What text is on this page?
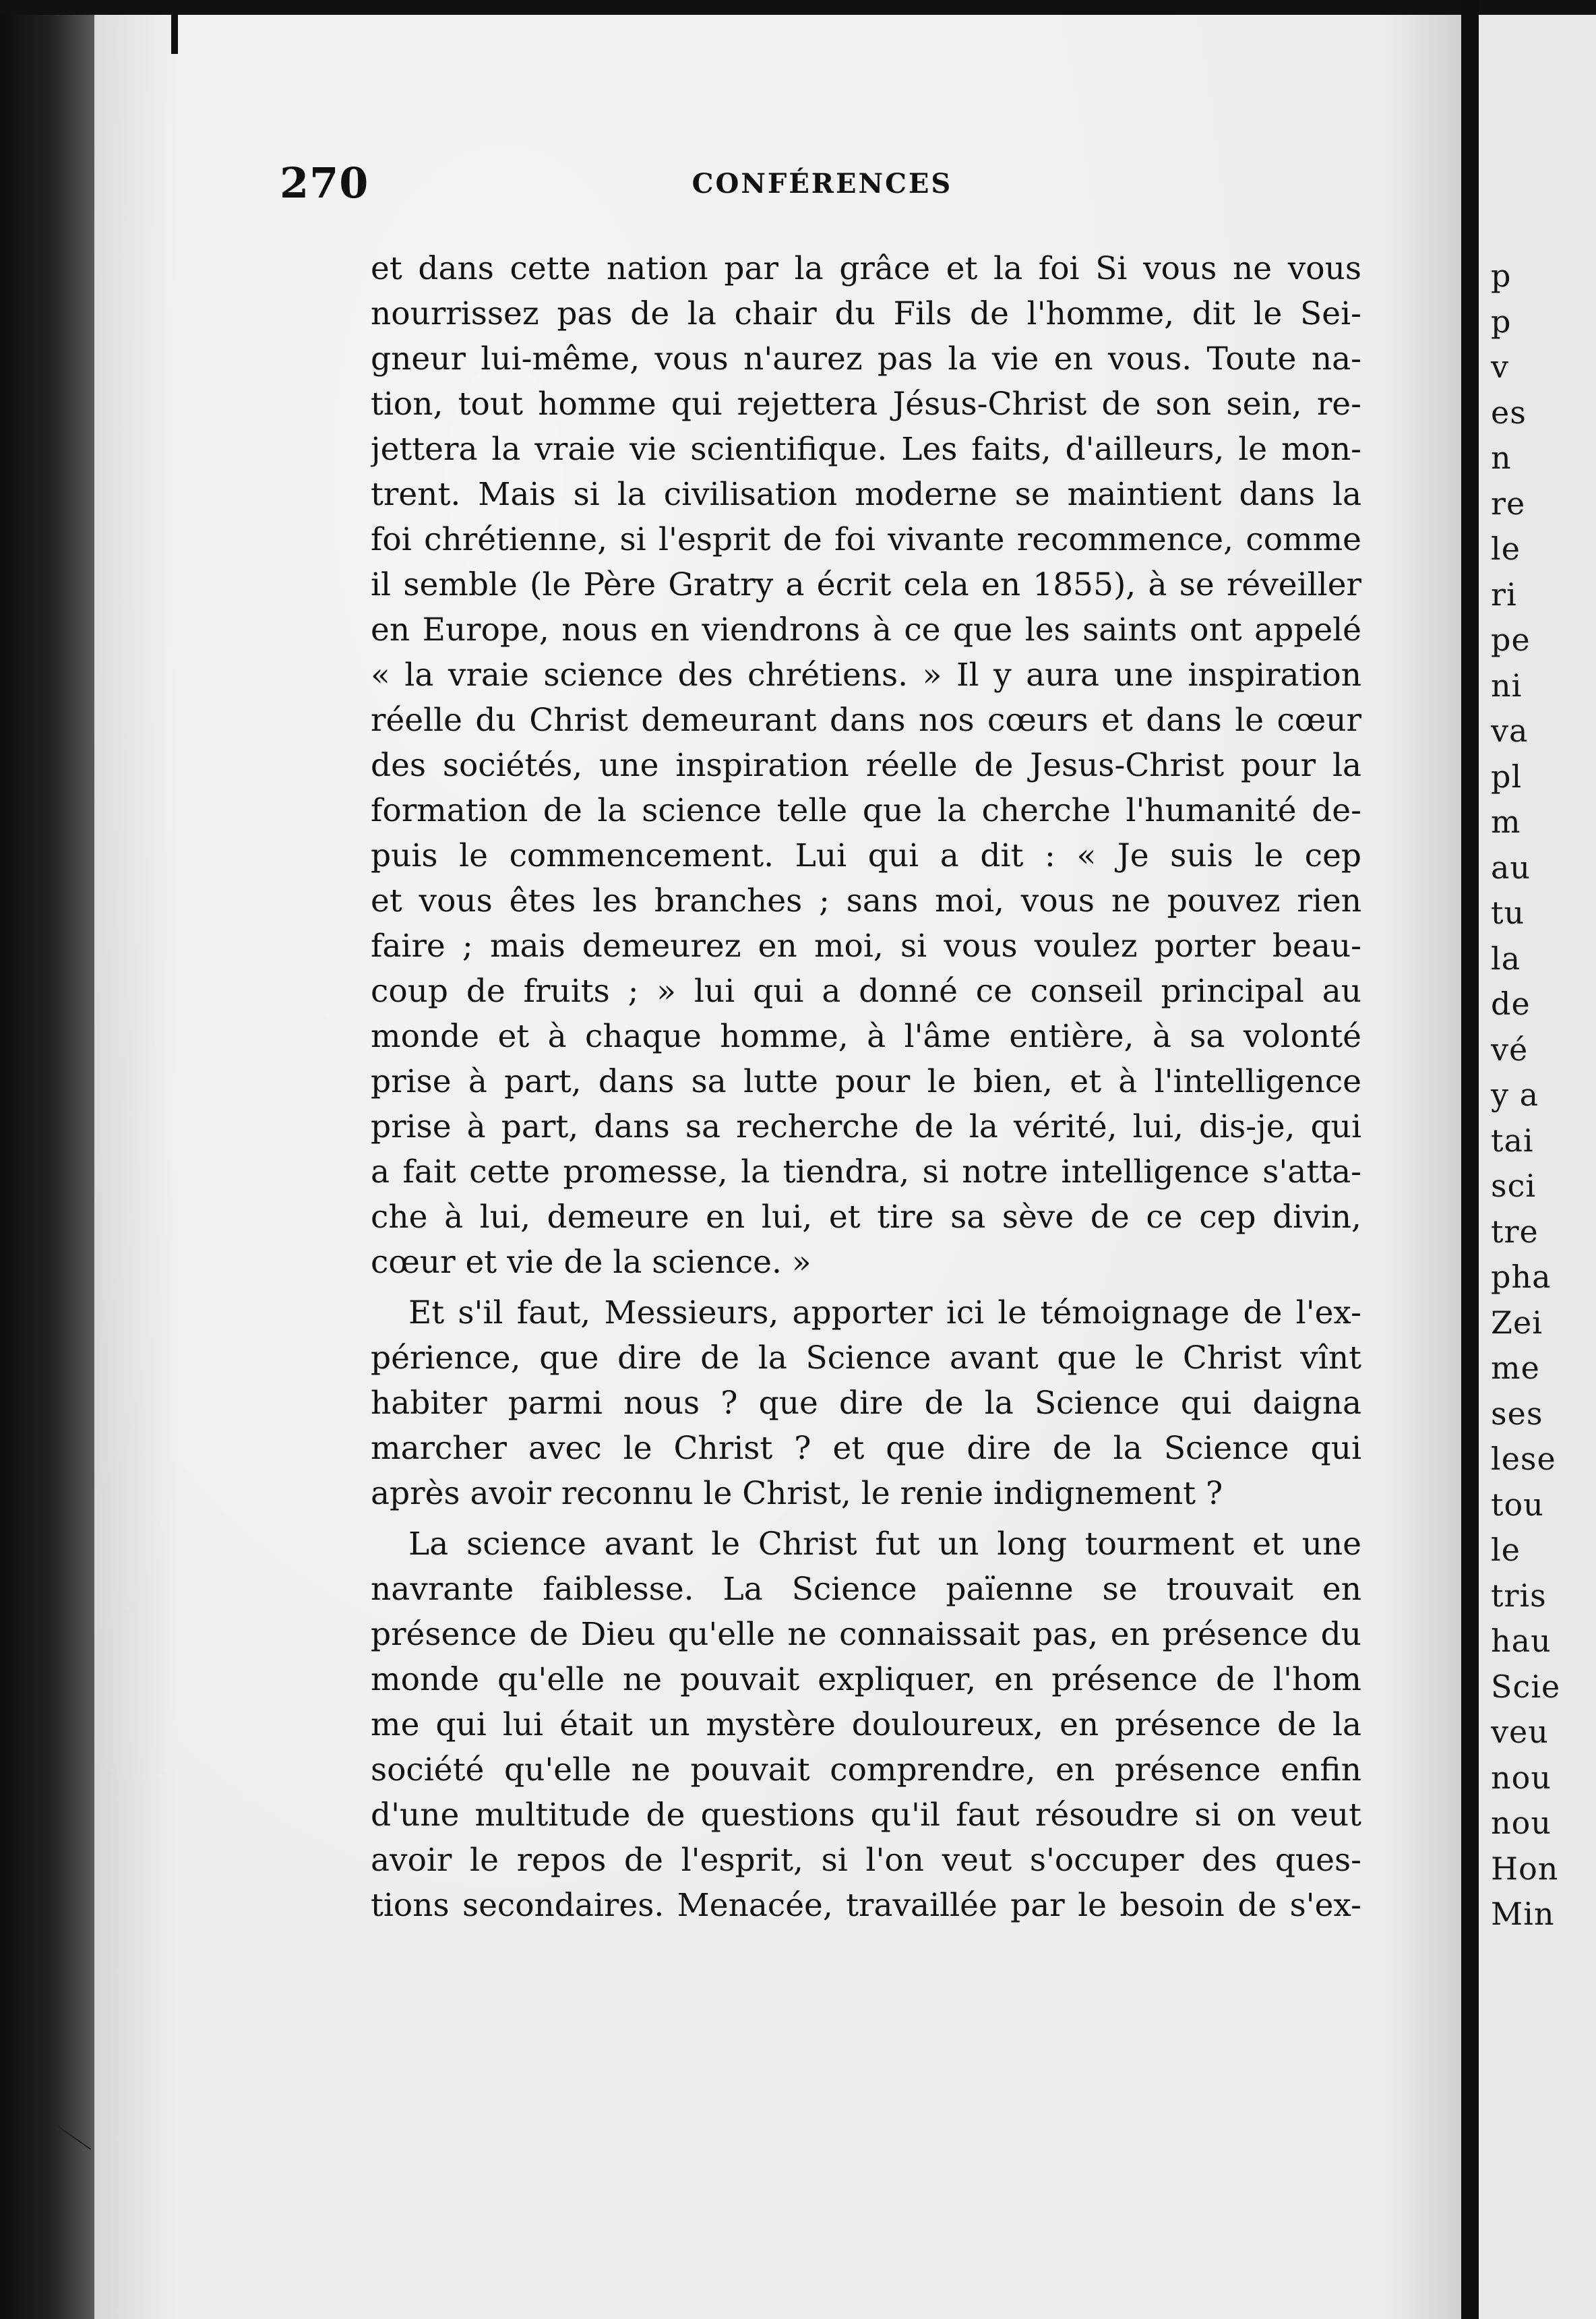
270	CONFÉRENCES
et dans cette nation par la grâce et la foi Si vous ne vous
nourrissez pas de la chair du Fils de l'homme, dit le Sei-
gneur lui-même, vous n'aurez pas la vie en vous. Toute na-
tion, tout homme qui rejettera Jésus-Christ de son sein, re-
jettera la vraie vie scientifique. Les faits, d'ailleurs, le mon-
trent. Mais si la civilisation moderne se maintient dans la
foi chrétienne, si l'esprit de foi vivante recommence, comme
il semble (le Père Gratry a écrit cela en 1855), à se réveiller
en Europe, nous en viendrons à ce que les saints ont appelé
« la vraie science des chrétiens. » Il y aura une inspiration
réelle du Christ demeurant dans nos cœurs et dans le cœur
des sociétés, une inspiration réelle de Jesus-Christ pour la
formation de la science telle que la cherche l'humanité de-
puis le commencement. Lui qui a dit : « Je suis le cep
et vous êtes les branches ; sans moi, vous ne pouvez rien
faire ; mais demeurez en moi, si vous voulez porter beau-
coup de fruits ; » lui qui a donné ce conseil principal au
monde et à chaque homme, à l'âme entière, à sa volonté
prise à part, dans sa lutte pour le bien, et à l'intelligence
prise à part, dans sa recherche de la vérité, lui, dis-je, qui
a fait cette promesse, la tiendra, si notre intelligence s'atta-
che à lui, demeure en lui, et tire sa sève de ce cep divin,
cœur et vie de la science. »
Et s'il faut, Messieurs, apporter ici le témoignage de l'ex-
périence, que dire de la Science avant que le Christ vînt
habiter parmi nous ? que dire de la Science qui daigna
marcher avec le Christ ? et que dire de la Science qui
après avoir reconnu le Christ, le renie indignement ?
La science avant le Christ fut un long tourment et une
navrante faiblesse. La Science païenne se trouvait en
présence de Dieu qu'elle ne connaissait pas, en présence du
monde qu'elle ne pouvait expliquer, en présence de l'hom
me qui lui était un mystère douloureux, en présence de la
société qu'elle ne pouvait comprendre, en présence enfin
d'une multitude de questions qu'il faut résoudre si on veut
avoir le repos de l'esprit, si l'on veut s'occuper des ques-
tions secondaires. Menacée, travaillée par le besoin de s'ex-
p
p
v
es
n
re
le
ri
pe
ni
va
pl
m
au
tu
la
de
vé
y a
tai
sci
tre
pha
Zei
me
ses
lese
tou
le
tris
hau
Scie
veu
nou
nou
Hon
Min
